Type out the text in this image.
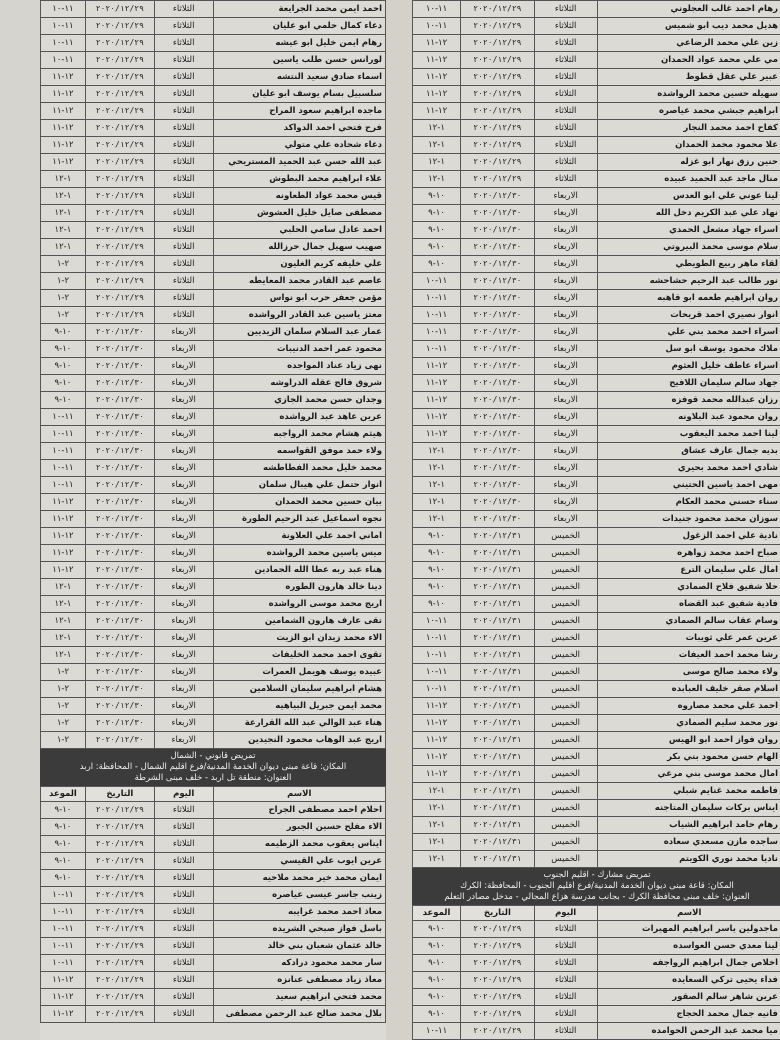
احمد ايمن محمد الجرايعة	الثلاثاء	٢٠٢٠/١٢/٢٩	١١-١٠
دعاء كمال حلمي ابو عليان	الثلاثاء	٢٠٢٠/١٢/٢٩	١١-١٠
رهام ايمن خليل ابو عيشه	الثلاثاء	٢٠٢٠/١٢/٢٩	١١-١٠
لورانس حسن طلب ياسين	الثلاثاء	٢٠٢٠/١٢/٢٩	١١-١٠
اسماء صادق سعيد النتشه	الثلاثاء	٢٠٢٠/١٢/٢٩	١٢-١١
سلسبيل بسام يوسف ابو عليان	الثلاثاء	٢٠٢٠/١٢/٢٩	١٢-١١
ماجده ابراهيم سعود المراح	الثلاثاء	٢٠٢٠/١٢/٢٩	١٢-١١
فرح فتحي احمد الدواكد	الثلاثاء	٢٠٢٠/١٢/٢٩	١٢-١١
دعاء شحاده علي متولي	الثلاثاء	٢٠٢٠/١٢/٢٩	١٢-١١
عبد الله حسن عبد الحميد المستريحي	الثلاثاء	٢٠٢٠/١٢/٢٩	١٢-١١
علاء ابراهيم محمد البطوش	الثلاثاء	٢٠٢٠/١٢/٢٩	١-١٢
قيس محمد عواد الطعاونه	الثلاثاء	٢٠٢٠/١٢/٢٩	١-١٢
مصطفى صايل خليل العشوش	الثلاثاء	٢٠٢٠/١٢/٢٩	١-١٢
احمد عادل سامي الحلبي	الثلاثاء	٢٠٢٠/١٢/٢٩	١-١٢
صهيب سهيل جمال حرزالله	الثلاثاء	٢٠٢٠/١٢/٢٩	١-١٢
علي خليفه كريم الغليون	الثلاثاء	٢٠٢٠/١٢/٢٩	٢-١
عاصم عبد القادر محمد المعايطه	الثلاثاء	٢٠٢٠/١٢/٢٩	٢-١
مؤمن جعفر حرب ابو نواس	الثلاثاء	٢٠٢٠/١٢/٢٩	٢-١
معتز ياسين عبد القادر الرواشده	الثلاثاء	٢٠٢٠/١٢/٢٩	٢-١
عمار عبد السلام سلمان الزيديين	الاربعاء	٢٠٢٠/١٢/٣٠	١٠-٩
محمود عمر احمد الدنيبات	الاربعاء	٢٠٢٠/١٢/٣٠	١٠-٩
نهى زياد عناد المواجده	الاربعاء	٢٠٢٠/١٢/٣٠	١٠-٩
شروق فالح عقله الدراوشه	الاربعاء	٢٠٢٠/١٢/٣٠	١٠-٩
وجدان حسن محمد الجازي	الاربعاء	٢٠٢٠/١٢/٣٠	١٠-٩
عرين عاهد عبد الرواشده	الاربعاء	٢٠٢٠/١٢/٣٠	١١-١٠
هيثم هشام محمد الرواجبه	الاربعاء	٢٠٢٠/١٢/٣٠	١١-١٠
ولاء حمد موفق القواسمه	الاربعاء	٢٠٢٠/١٢/٣٠	١١-١٠
محمد خليل محمد الفطاطشه	الاربعاء	٢٠٢٠/١٢/٣٠	١١-١٠
انوار حتمل علي هيبال سلمان	الاربعاء	٢٠٢٠/١٢/٣٠	١١-١٠
بيان حسين محمد الحمدان	الاربعاء	٢٠٢٠/١٢/٣٠	١٢-١١
نجوه اسماعيل عبد الرحيم الطورة	الاربعاء	٢٠٢٠/١٢/٣٠	١٢-١١
اماني احمد علي العلاونة	الاربعاء	٢٠٢٠/١٢/٣٠	١٢-١١
ميس ياسين محمد الرواشده	الاربعاء	٢٠٢٠/١٢/٣٠	١٢-١١
هناء عبد ربه عطا الله الحمادين	الاربعاء	٢٠٢٠/١٢/٣٠	١٢-١١
دينا خالد هارون الطوره	الاربعاء	٢٠٢٠/١٢/٣٠	١-١٢
اريج محمد موسى الرواشده	الاربعاء	٢٠٢٠/١٢/٣٠	١-١٢
تقى عارف هارون الشمامين	الاربعاء	٢٠٢٠/١٢/٣٠	١-١٢
الاء محمد زيدان ابو الزيت	الاربعاء	٢٠٢٠/١٢/٣٠	١-١٢
تقوى احمد محمد الخليفات	الاربعاء	٢٠٢٠/١٢/٣٠	١-١٢
عبيده يوسف هويمل العمرات	الاربعاء	٢٠٢٠/١٢/٣٠	٢-١
هشام ابراهيم سليمان السلامين	الاربعاء	٢٠٢٠/١٢/٣٠	٢-١
محمد ايمن جبريل البياهيه	الاربعاء	٢٠٢٠/١٢/٣٠	٢-١
هناء عبد الوالي عبد الله القرارعة	الاربعاء	٢٠٢٠/١٢/٣٠	٢-١
اريج عبد الوهاب محمود النجيدين	الاربعاء	٢٠٢٠/١٢/٣٠	٢-١
تمريض قانوني - الشمال
المكان: قاعة مبنى ديوان الخدمة المدنية/فرع اقليم الشمال - المحافظة: اربد
العنوان: منطقة تل اربد - خلف مبنى الشرطة
الاسم	اليوم	التاريخ	الموعد
احلام احمد مصطفى الجراح	الثلاثاء	٢٠٢٠/١٢/٢٩	١٠-٩
الاء مفلح حسين الجبور	الثلاثاء	٢٠٢٠/١٢/٢٩	١٠-٩
ايناس يعقوب محمد الزطيمه	الثلاثاء	٢٠٢٠/١٢/٢٩	١٠-٩
عرين ايوب علي القيسي	الثلاثاء	٢٠٢٠/١٢/٢٩	١٠-٩
ايمان محمد خير محمد ملاحيه	الثلاثاء	٢٠٢٠/١٢/٢٩	١٠-٩
زينب جاسر عيسى عياصره	الثلاثاء	٢٠٢٠/١٢/٢٩	١١-١٠
معاذ احمد محمد غرايبه	الثلاثاء	٢٠٢٠/١٢/٢٩	١١-١٠
باسل فواز صبحي الشريده	الثلاثاء	٢٠٢٠/١٢/٢٩	١١-١٠
خالد عثمان شعبان بني خالد	الثلاثاء	٢٠٢٠/١٢/٢٩	١١-١٠
سار محمد محمود درادكه	الثلاثاء	٢٠٢٠/١٢/٢٩	١١-١٠
معاذ زياد مصطفى عنانزه	الثلاثاء	٢٠٢٠/١٢/٢٩	١٢-١١
محمد فتحي ابراهيم سعيد	الثلاثاء	٢٠٢٠/١٢/٢٩	١٢-١١
بلال محمد صالح عبد الرحمن مصطفى	الثلاثاء	٢٠٢٠/١٢/٢٩	١٢-١١
رهام احمد غالب العجلوني	الثلاثاء	٢٠٢٠/١٢/٢٩	١١-١٠
هديل محمد ديب ابو شميس	الثلاثاء	٢٠٢٠/١٢/٢٩	١١-١٠
زين علي محمد الرضاعي	الثلاثاء	٢٠٢٠/١٢/٢٩	١٢-١١
مي علي محمد عواد الحمدان	الثلاثاء	٢٠٢٠/١٢/٢٩	١٢-١١
عبير علي عقل قطوط	الثلاثاء	٢٠٢٠/١٢/٢٩	١٢-١١
سهيله حسين محمد الرواشده	الثلاثاء	٢٠٢٠/١٢/٢٩	١٢-١١
ابراهيم جبشي محمد عياصره	الثلاثاء	٢٠٢٠/١٢/٢٩	١٢-١١
كفاح احمد محمد النجار	الثلاثاء	٢٠٢٠/١٢/٢٩	١-١٢
علا محمود محمد الحمدان	الثلاثاء	٢٠٢٠/١٢/٢٩	١-١٢
حنين رزق نهار ابو غزله	الثلاثاء	٢٠٢٠/١٢/٢٩	١-١٢
منال ماجد عبد الحميد عبيده	الثلاثاء	٢٠٢٠/١٢/٢٩	١-١٢
لينا عوني علي ابو العدس	الاربعاء	٢٠٢٠/١٢/٣٠	١٠-٩
نهاد علي عبد الكريم دخل الله	الاربعاء	٢٠٢٠/١٢/٣٠	١٠-٩
اسراء جهاد مشعل الحمدي	الاربعاء	٢٠٢٠/١٢/٣٠	١٠-٩
سلام موسى محمد البيروتي	الاربعاء	٢٠٢٠/١٢/٣٠	١٠-٩
لقاء ماهر ربيع الطويطي	الاربعاء	٢٠٢٠/١٢/٣٠	١٠-٩
نور طالب عبد الرحيم حشاحشه	الاربعاء	٢٠٢٠/١٢/٣٠	١١-١٠
روان ابراهيم طعمه ابو قاهبه	الاربعاء	٢٠٢٠/١٢/٣٠	١١-١٠
انوار نصيري احمد قريحات	الاربعاء	٢٠٢٠/١٢/٣٠	١١-١٠
اسراء احمد محمد بني علي	الاربعاء	٢٠٢٠/١٢/٣٠	١١-١٠
ملاك محمود يوسف ابو سل	الاربعاء	٢٠٢٠/١٢/٣٠	١١-١٠
اسراء عاطف خليل العثوم	الاربعاء	٢٠٢٠/١٢/٣٠	١٢-١١
جهاد سالم سليمان اللافيح	الاربعاء	٢٠٢٠/١٢/٣٠	١٢-١١
رزان عبدالله محمد قوفزه	الاربعاء	٢٠٢٠/١٢/٣٠	١٢-١١
روان محمود عبد البلاونه	الاربعاء	٢٠٢٠/١٢/٣٠	١٢-١١
لينا احمد محمد اليعقوب	الاربعاء	٢٠٢٠/١٢/٣٠	١٢-١١
بديه جمال عارف عشاق	الاربعاء	٢٠٢٠/١٢/٣٠	١-١٢
شادي احمد محمد بحيري	الاربعاء	٢٠٢٠/١٢/٣٠	١-١٢
مهى احمد ياسين الحتيني	الاربعاء	٢٠٢٠/١٢/٣٠	١-١٢
سناء حسني محمد العكام	الاربعاء	٢٠٢٠/١٢/٣٠	١-١٢
سوزان محمد محمود جنيدات	الاربعاء	٢٠٢٠/١٢/٣٠	١-١٢
نادية علي احمد الزغول	الخميس	٢٠٢٠/١٢/٣١	١٠-٩
صباح احمد محمد زواهره	الخميس	٢٠٢٠/١٢/٣١	١٠-٩
امال علي سليمان الترع	الخميس	٢٠٢٠/١٢/٣١	١٠-٩
حلا شفيق فلاح الصمادي	الخميس	٢٠٢٠/١٢/٣١	١٠-٩
فادية شفيق عبد القضاه	الخميس	٢٠٢٠/١٢/٣١	١٠-٩
وسام عقاب سالم الصمادي	الخميس	٢٠٢٠/١٢/٣١	١١-١٠
عرين عمر علي ثويبات	الخميس	٢٠٢٠/١٢/٣١	١١-١٠
رشا محمد احمد العيفات	الخميس	٢٠٢٠/١٢/٣١	١١-١٠
ولاء محمد صالح موسى	الخميس	٢٠٢٠/١٢/٣١	١١-١٠
اسلام صقر خليف العبابده	الخميس	٢٠٢٠/١٢/٣١	١١-١٠
احمد علي محمد مصاروه	الخميس	٢٠٢٠/١٢/٣١	١٢-١١
نور محمد سليم الصمادي	الخميس	٢٠٢٠/١٢/٣١	١٢-١١
روان فواز احمد ابو الهيس	الخميس	٢٠٢٠/١٢/٣١	١٢-١١
الهام حسن محمود بني بكر	الخميس	٢٠٢٠/١٢/٣١	١٢-١١
امال محمد موسى بني مرعي	الخميس	٢٠٢٠/١٢/٣١	١٢-١١
فاطمه محمد غنايم شبلي	الخميس	٢٠٢٠/١٢/٣١	١-١٢
ايناس بركات سليمان المتاجنه	الخميس	٢٠٢٠/١٢/٣١	١-١٢
رهام حامد ابراهيم الشياب	الخميس	٢٠٢٠/١٢/٣١	١-١٢
ساجده مازن مسعدي سعاده	الخميس	٢٠٢٠/١٢/٣١	١-١٢
ناديا محمد نوري الكويتم	الخميس	٢٠٢٠/١٢/٣١	١-١٢
تمريض مشارك - اقليم الجنوب
المكان: قاعة مبنى ديوان الخدمة المدنية/فرع اقليم الجنوب - المحافظة: الكرك
العنوان: خلف مبنى محافظة الكرك - بجانب مدرسة هزاع المجالي - مدخل مصادر التعلم
الاسم	اليوم	التاريخ	الموعد
ماجدولين ياسر ابراهيم المهيرات	الثلاثاء	٢٠٢٠/١٢/٢٩	١٠-٩
لينا معدي حسن العواسده	الثلاثاء	٢٠٢٠/١٢/٢٩	١٠-٩
اخلاص جمال ابراهيم الرواجفه	الثلاثاء	٢٠٢٠/١٢/٢٩	١٠-٩
فداء يحيى تركي السعايده	الثلاثاء	٢٠٢٠/١٢/٢٩	١٠-٩
عرين شاهر سالم الصقور	الثلاثاء	٢٠٢٠/١٢/٢٩	١٠-٩
فانيه جمال محمد الحجاج	الثلاثاء	٢٠٢٠/١٢/٢٩	١٠-٩
ميا محمد عبد الرحمن الحوامده	الثلاثاء	٢٠٢٠/١٢/٢٩	١١-١٠
